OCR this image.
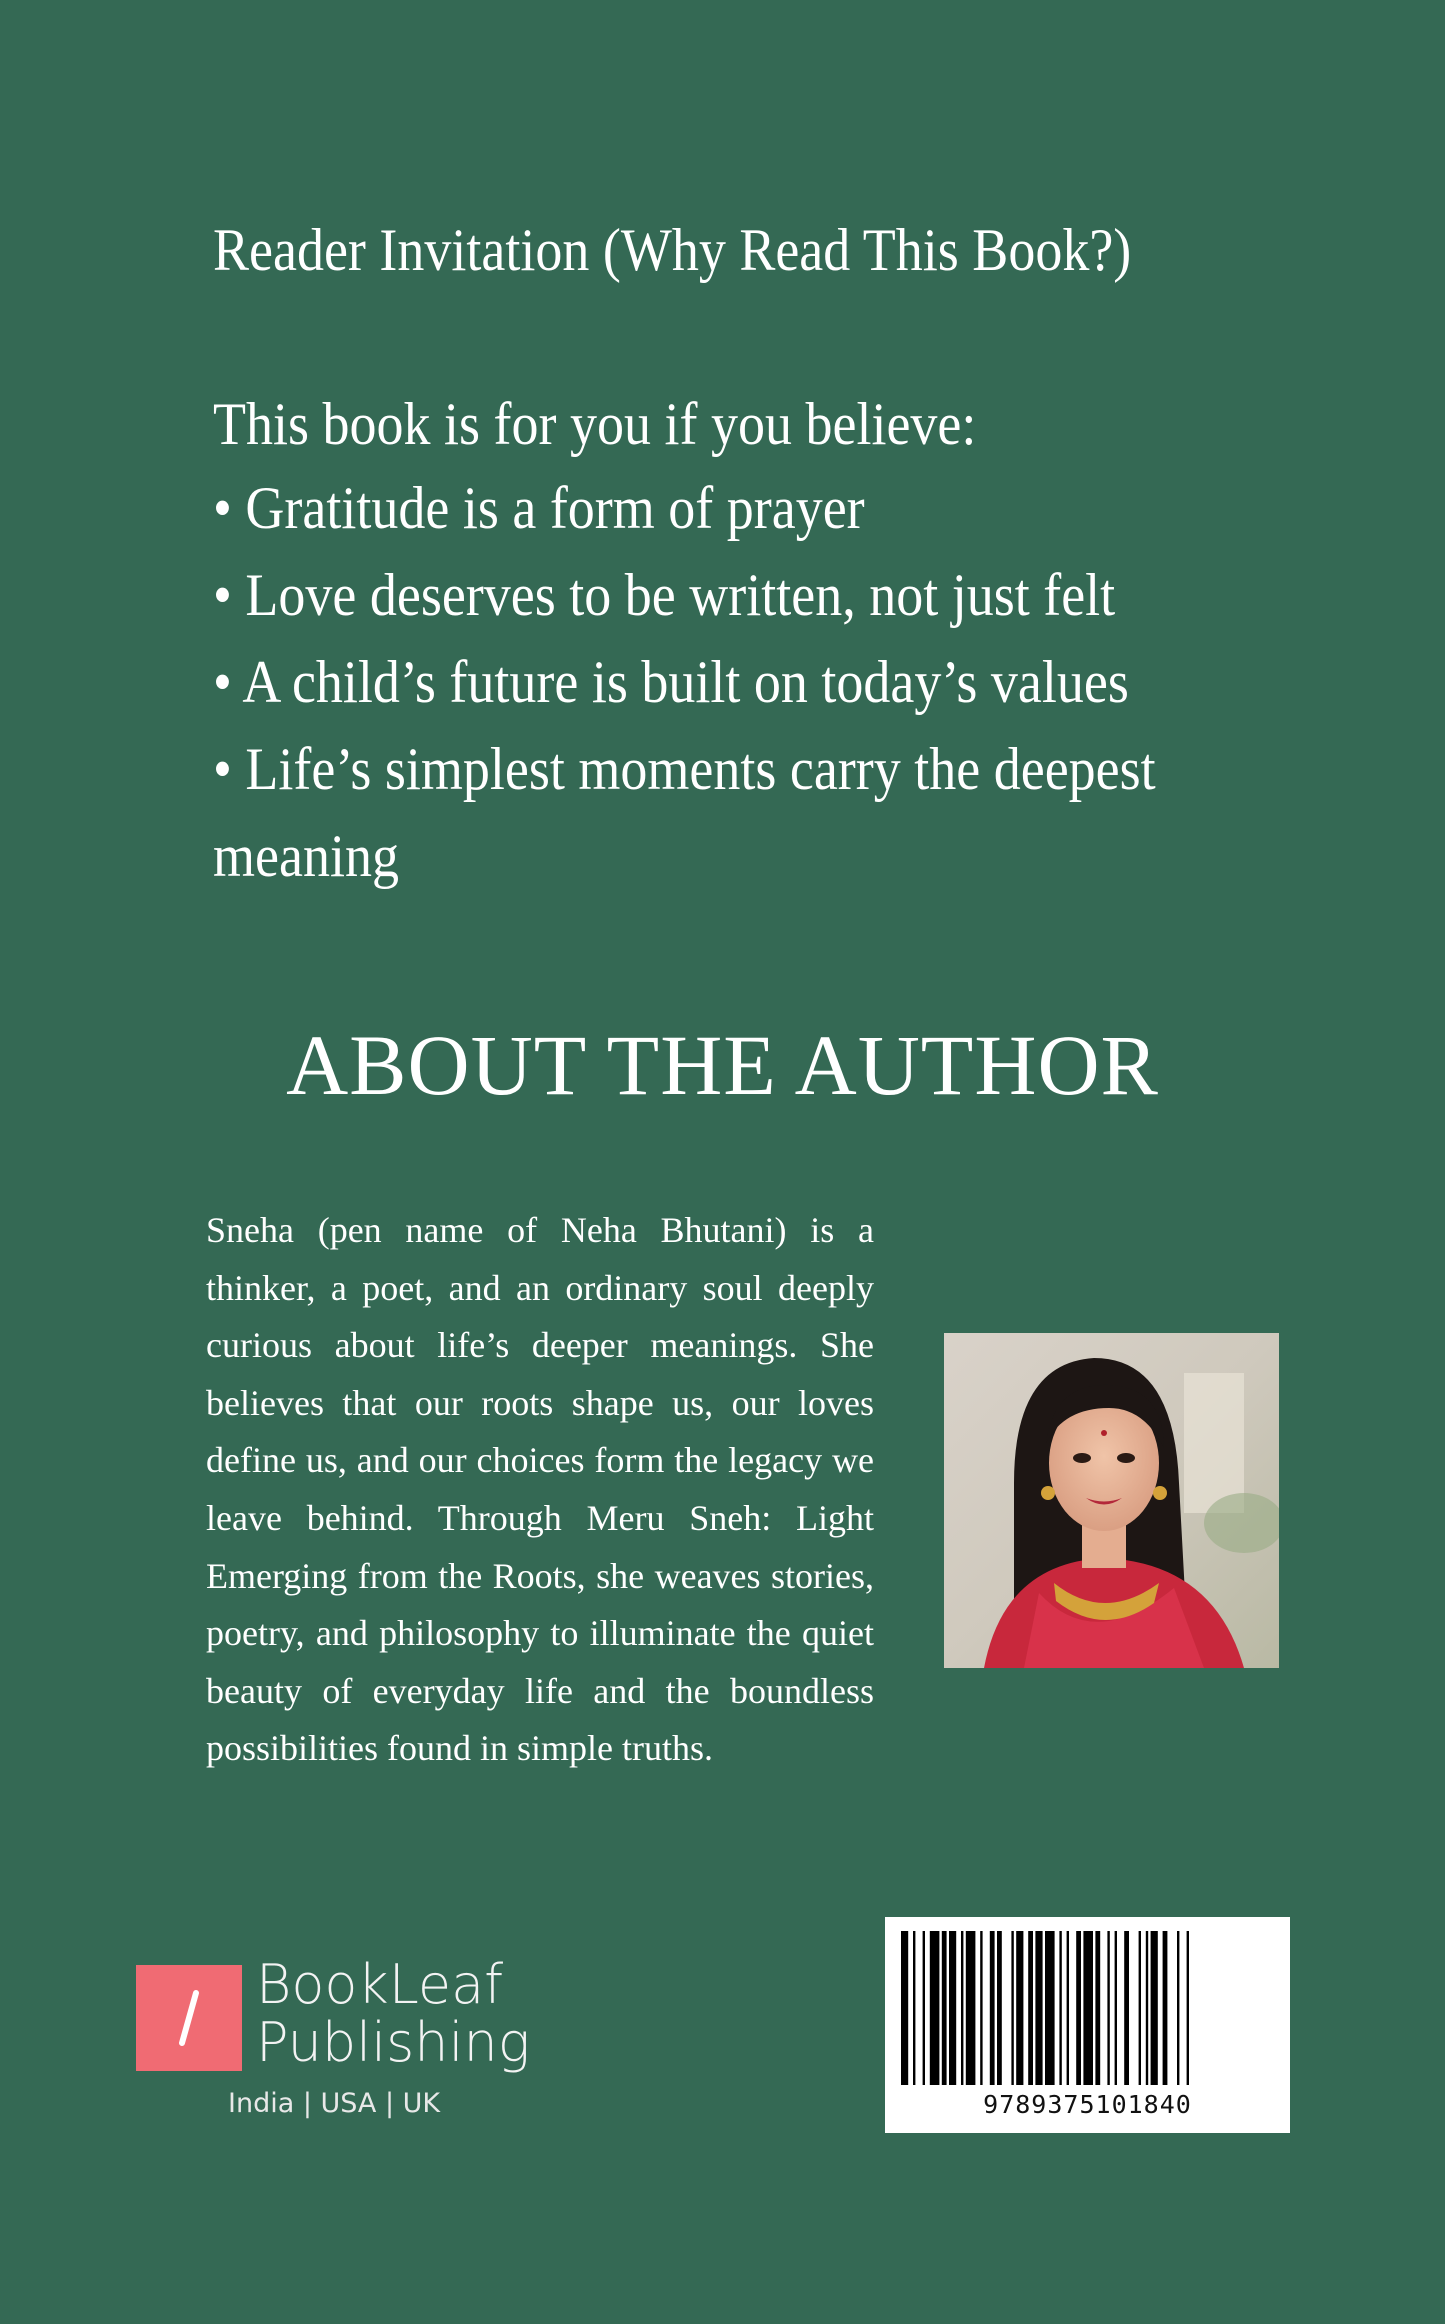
Reader Invitation (Why Read This Book?)
This book is for you if you believe:
• Gratitude is a form of prayer
• Love deserves to be written, not just felt
• A child’s future is built on today’s values
• Life’s simplest moments carry the deepest meaning
ABOUT THE AUTHOR

Sneha (pen name of Neha Bhutani) is a thinker, a poet, and an ordinary soul deeply curious about life’s deeper meanings. She believes that our roots shape us, our loves define us, and our choices form the legacy we leave behind. Through Meru Sneh: Light Emerging from the Roots, she weaves stories, poetry, and philosophy to illuminate the quiet beauty of everyday life and the boundless possibilities found in simple truths.

BookLeaf
Publishing
India | USA | UK	9789375101840
